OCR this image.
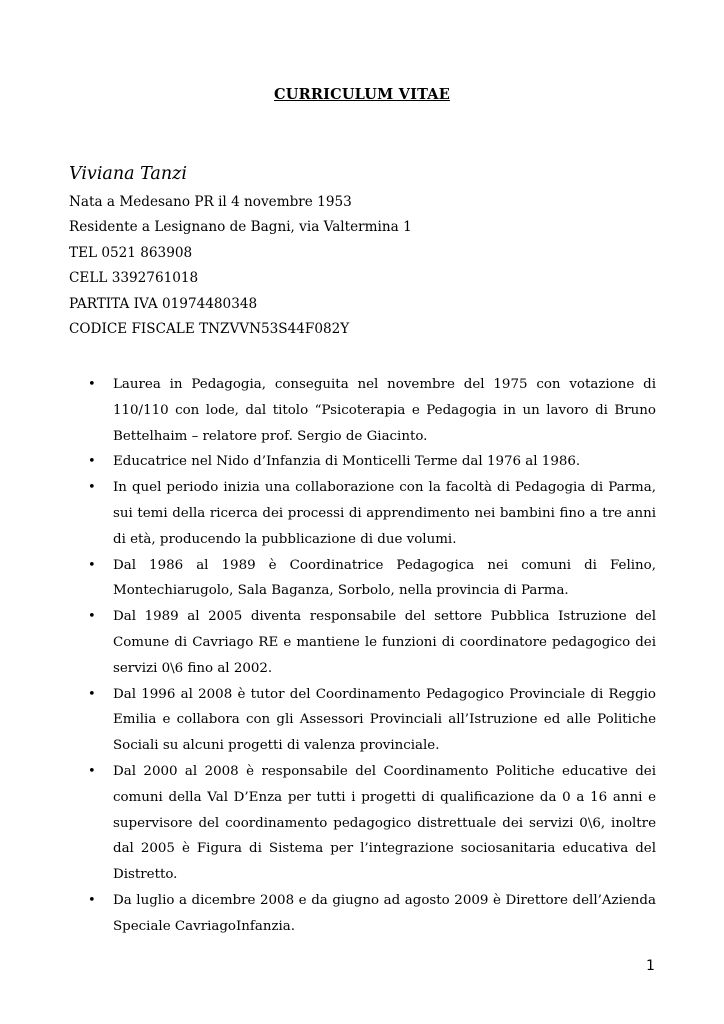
CURRICULUM VITAE
Viviana Tanzi
Nata a Medesano PR il 4 novembre 1953
Residente a Lesignano de Bagni, via Valtermina 1
TEL 0521 863908
CELL 3392761018
PARTITA IVA 01974480348
CODICE FISCALE TNZVVN53S44F082Y
• Laurea in Pedagogia, conseguita nel novembre del 1975 con votazione di 110/110 con lode, dal titolo “Psicoterapia e Pedagogia in un lavoro di Bruno Bettelhaim – relatore prof. Sergio de Giacinto.
• Educatrice nel Nido d’Infanzia di Monticelli Terme dal 1976 al 1986.
• In quel periodo inizia una collaborazione con la facoltà di Pedagogia di Parma, sui temi della ricerca dei processi di apprendimento nei bambini fino a tre anni di età, producendo la pubblicazione di due volumi.
• Dal 1986 al 1989 è Coordinatrice Pedagogica nei comuni di Felino, Montechiarugolo, Sala Baganza, Sorbolo, nella provincia di Parma.
• Dal 1989 al 2005 diventa responsabile del settore Pubblica Istruzione del Comune di Cavriago RE e mantiene le funzioni di coordinatore pedagogico dei servizi 0\6 fino al 2002.
• Dal 1996 al 2008 è tutor del Coordinamento Pedagogico Provinciale di Reggio Emilia e collabora con gli Assessori Provinciali all’Istruzione ed alle Politiche Sociali su alcuni progetti di valenza provinciale.
• Dal 2000 al 2008 è responsabile del Coordinamento Politiche educative dei comuni della Val D’Enza per tutti i progetti di qualificazione da 0 a 16 anni e supervisore del coordinamento pedagogico distrettuale dei servizi 0\6, inoltre dal 2005 è Figura di Sistema per l’integrazione sociosanitaria educativa del Distretto.
• Da luglio a dicembre 2008 e da giugno ad agosto 2009 è Direttore dell’Azienda Speciale CavriagoInfanzia.
1
